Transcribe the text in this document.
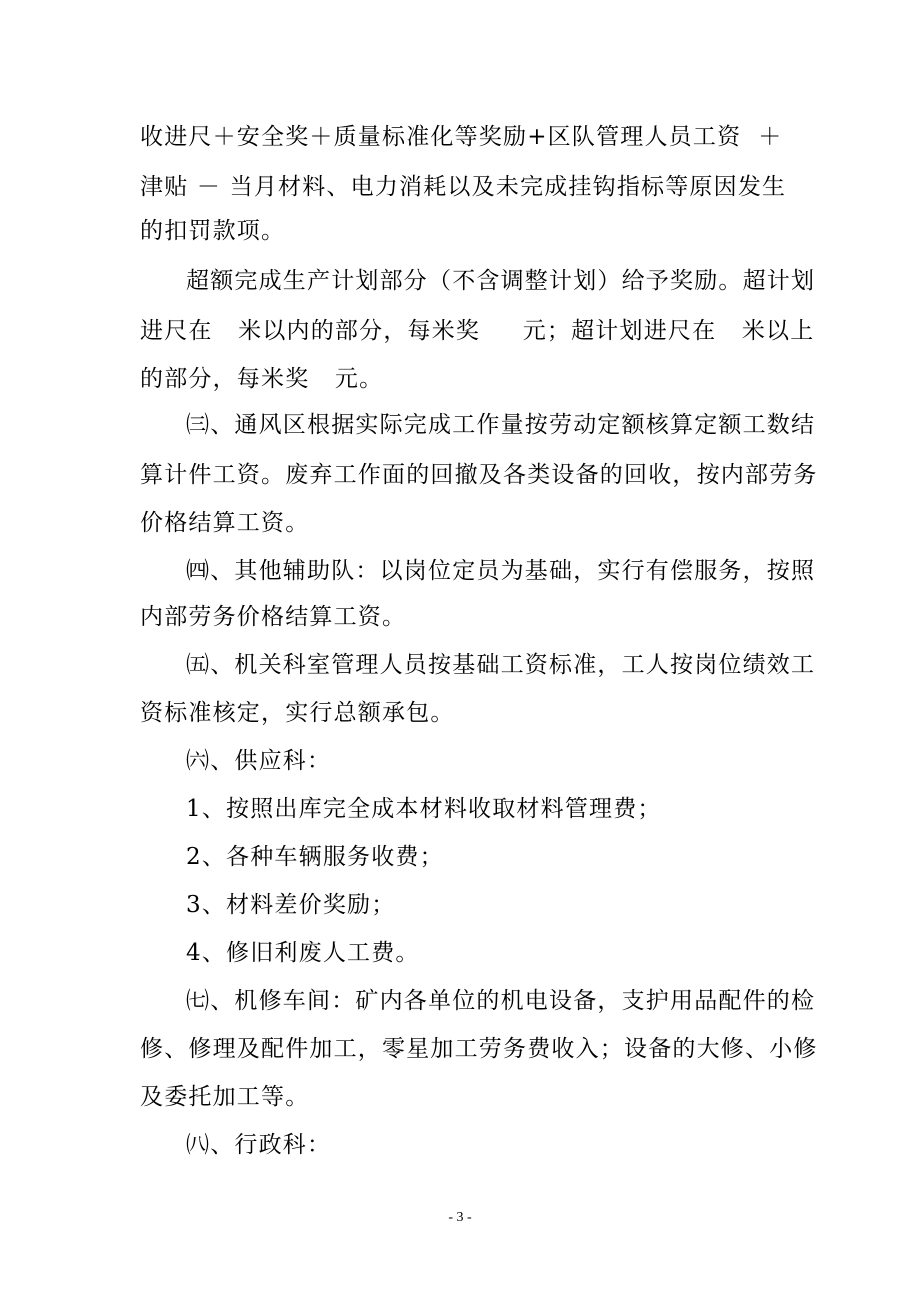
收进尺＋安全奖＋质量标准化等奖励+区队管理人员工资  ＋
津贴 － 当月材料、电力消耗以及未完成挂钩指标等原因发生
的扣罚款项。
超额完成生产计划部分（不含调整计划）给予奖励。超计划
进尺在   米以内的部分，每米奖     元；超计划进尺在   米以上
的部分，每米奖   元。
㈢、通风区根据实际完成工作量按劳动定额核算定额工数结
算计件工资。废弃工作面的回撤及各类设备的回收，按内部劳务
价格结算工资。
㈣、其他辅助队：以岗位定员为基础，实行有偿服务，按照
内部劳务价格结算工资。
㈤、机关科室管理人员按基础工资标准，工人按岗位绩效工
资标准核定，实行总额承包。
㈥、供应科：
1、按照出库完全成本材料收取材料管理费；
2、各种车辆服务收费；
3、材料差价奖励；
4、修旧利废人工费。
㈦、机修车间：矿内各单位的机电设备，支护用品配件的检
修、修理及配件加工，零星加工劳务费收入；设备的大修、小修
及委托加工等。
㈧、行政科：
- 3 -
